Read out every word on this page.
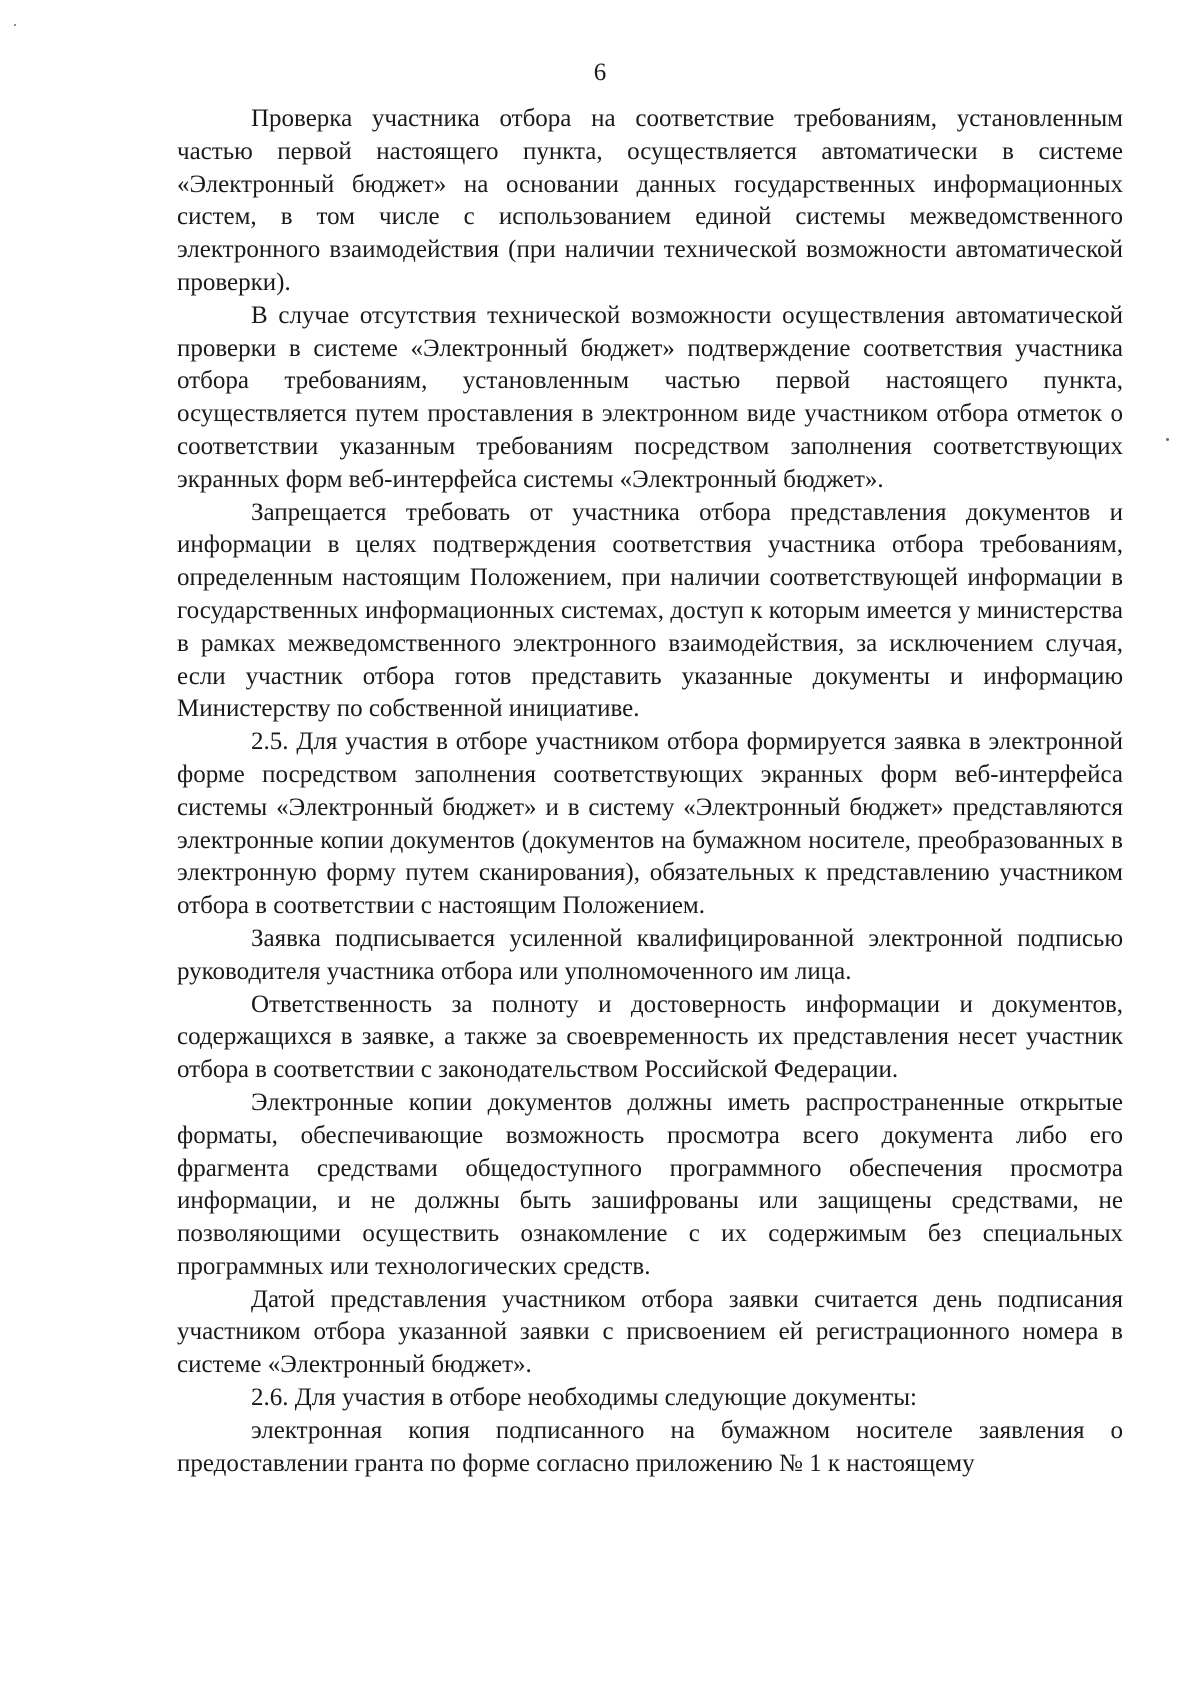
6

Проверка участника отбора на соответствие требованиям, установленным частью первой настоящего пункта, осуществляется автоматически в системе «Электронный бюджет» на основании данных государственных информационных систем, в том числе с использованием единой системы межведомственного электронного взаимодействия (при наличии технической возможности автоматической проверки).

В случае отсутствия технической возможности осуществления автоматической проверки в системе «Электронный бюджет» подтверждение соответствия участника отбора требованиям, установленным частью первой настоящего пункта, осуществляется путем проставления в электронном виде участником отбора отметок о соответствии указанным требованиям посредством заполнения соответствующих экранных форм веб-интерфейса системы «Электронный бюджет».

Запрещается требовать от участника отбора представления документов и информации в целях подтверждения соответствия участника отбора требованиям, определенным настоящим Положением, при наличии соответствующей информации в государственных информационных системах, доступ к которым имеется у министерства в рамках межведомственного электронного взаимодействия, за исключением случая, если участник отбора готов представить указанные документы и информацию Министерству по собственной инициативе.

2.5. Для участия в отборе участником отбора формируется заявка в электронной форме посредством заполнения соответствующих экранных форм веб-интерфейса системы «Электронный бюджет» и в систему «Электронный бюджет» представляются электронные копии документов (документов на бумажном носителе, преобразованных в электронную форму путем сканирования), обязательных к представлению участником отбора в соответствии с настоящим Положением.

Заявка подписывается усиленной квалифицированной электронной подписью руководителя участника отбора или уполномоченного им лица.

Ответственность за полноту и достоверность информации и документов, содержащихся в заявке, а также за своевременность их представления несет участник отбора в соответствии с законодательством Российской Федерации.

Электронные копии документов должны иметь распространенные открытые форматы, обеспечивающие возможность просмотра всего документа либо его фрагмента средствами общедоступного программного обеспечения просмотра информации, и не должны быть зашифрованы или защищены средствами, не позволяющими осуществить ознакомление с их содержимым без специальных программных или технологических средств.

Датой представления участником отбора заявки считается день подписания участником отбора указанной заявки с присвоением ей регистрационного номера в системе «Электронный бюджет».

2.6. Для участия в отборе необходимы следующие документы:

электронная копия подписанного на бумажном носителе заявления о предоставлении гранта по форме согласно приложению № 1 к настоящему
